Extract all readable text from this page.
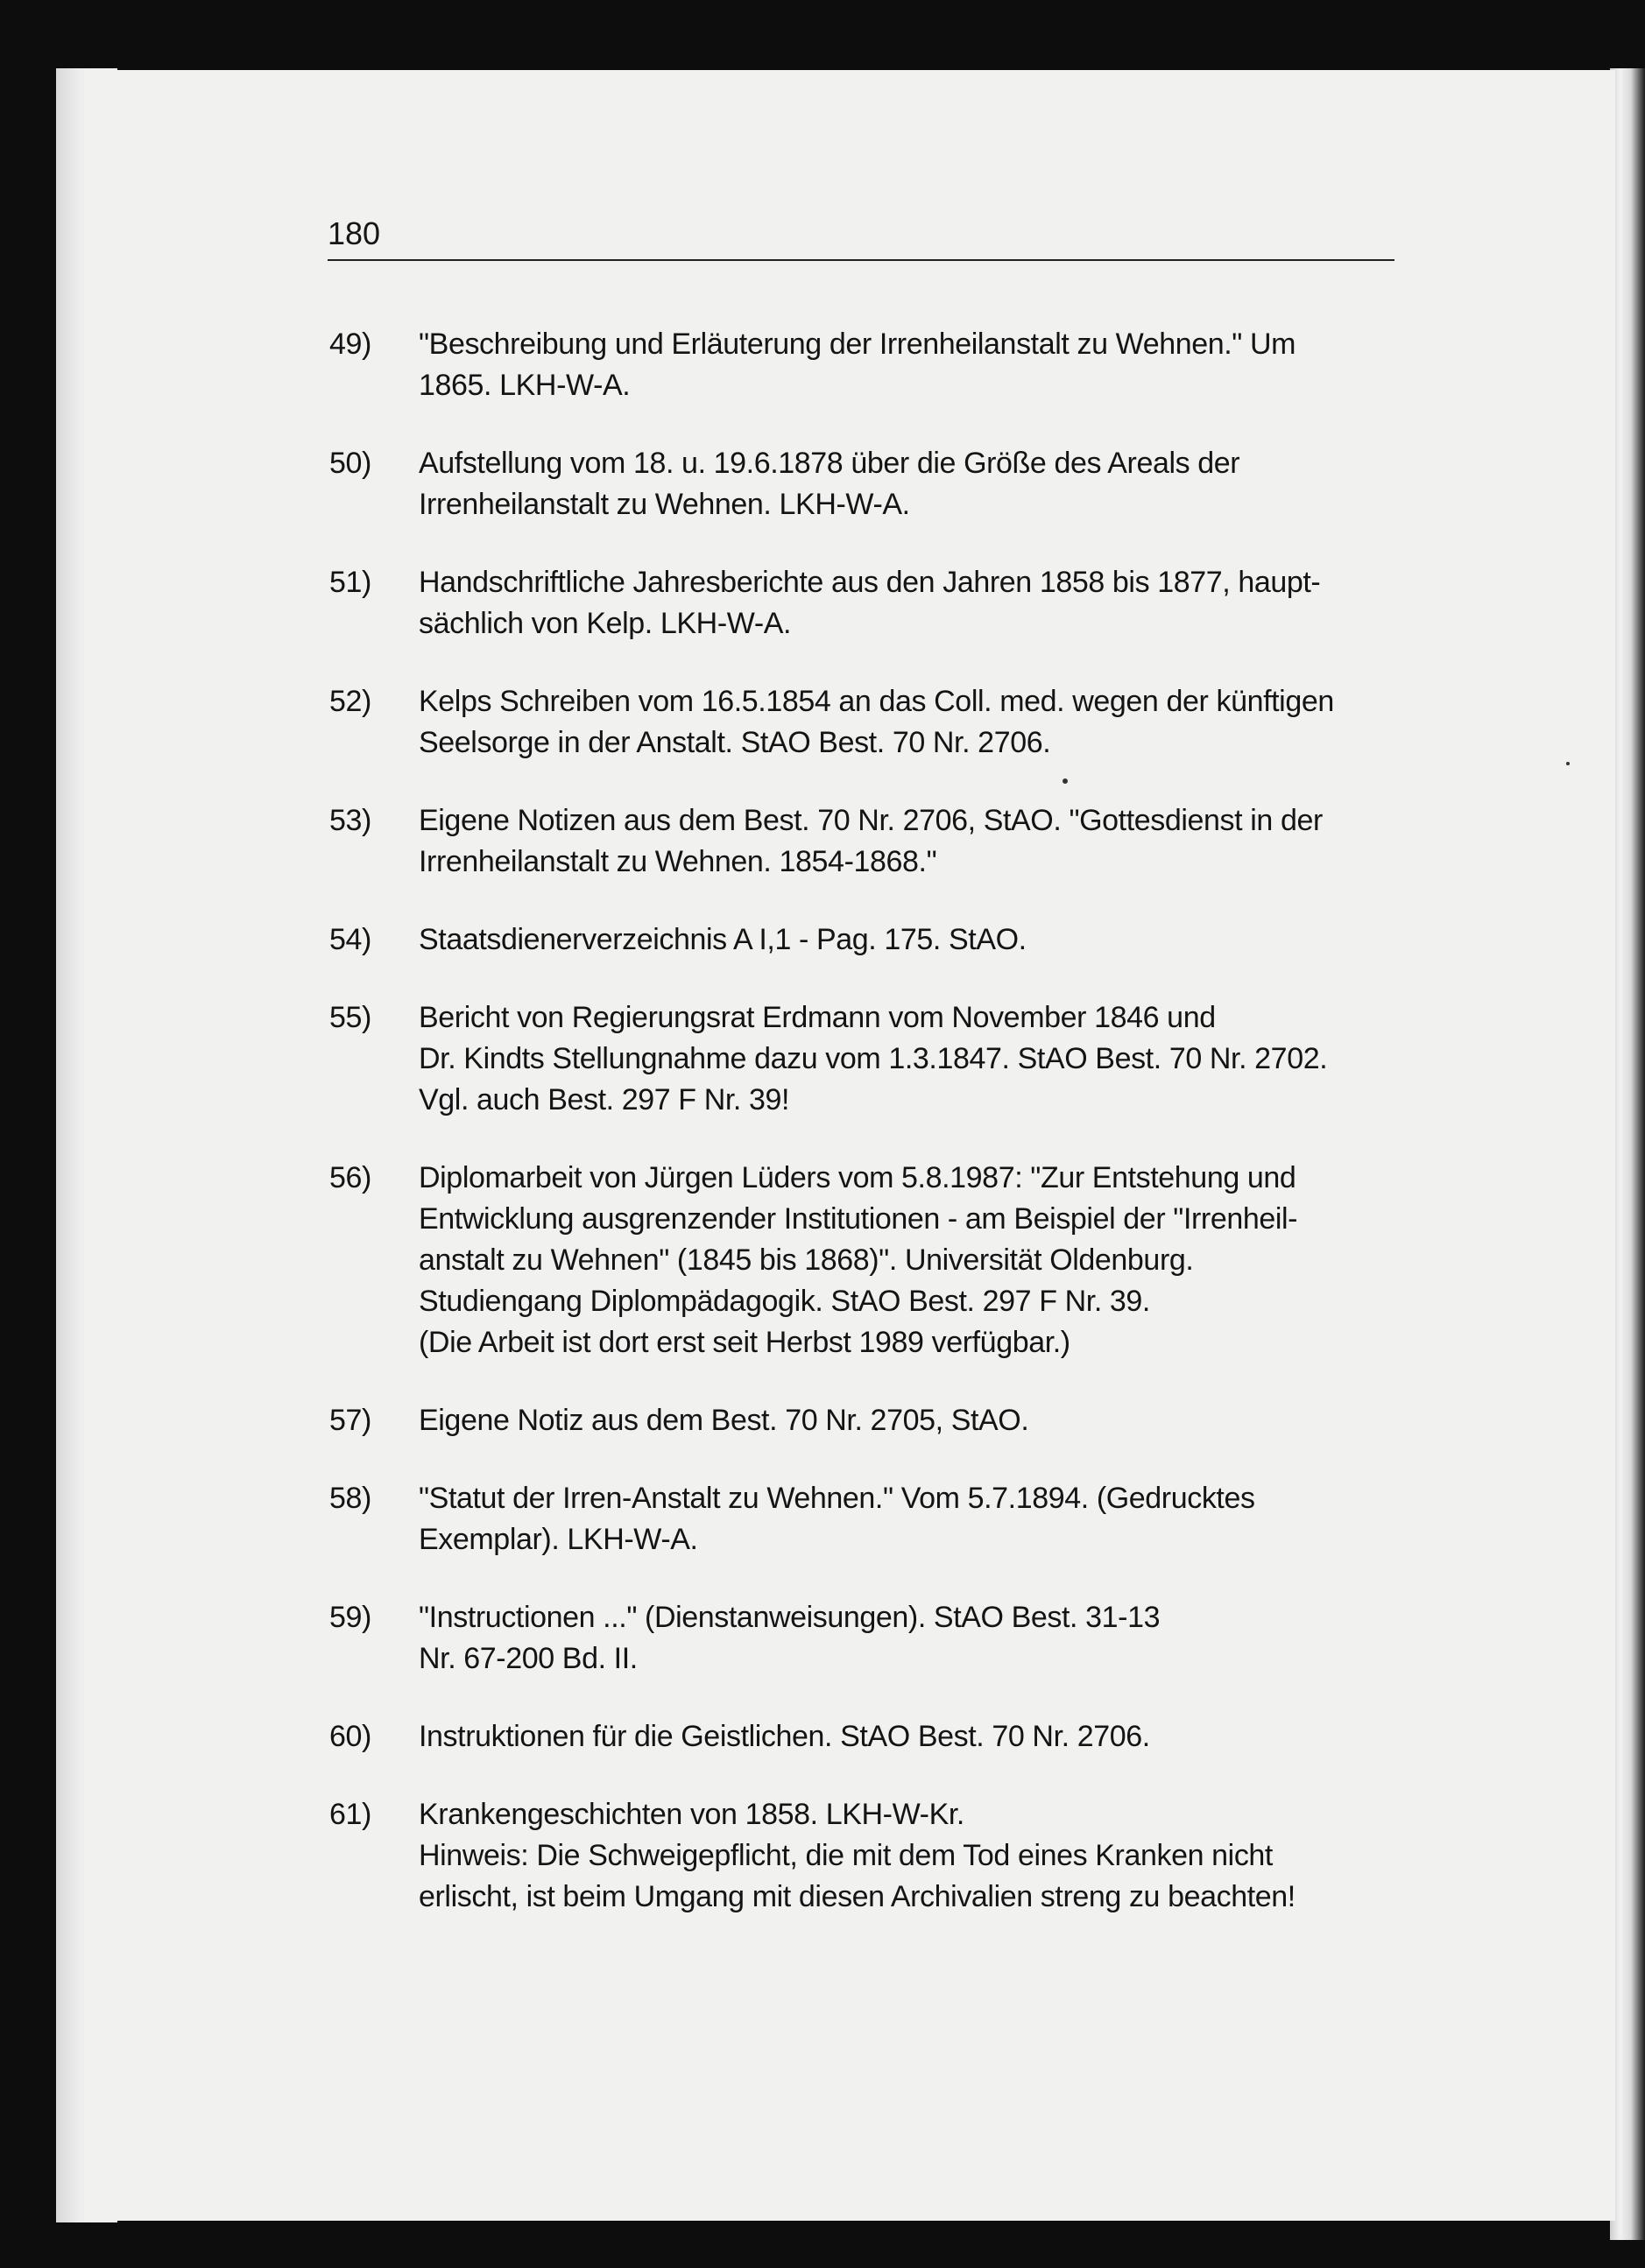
180
49)	"Beschreibung und Erläuterung der Irrenheilanstalt zu Wehnen." Um
1865. LKH-W-A.
50)	Aufstellung vom 18. u. 19.6.1878 über die Größe des Areals der
Irrenheilanstalt zu Wehnen. LKH-W-A.
51)	Handschriftliche Jahresberichte aus den Jahren 1858 bis 1877, haupt-
sächlich von Kelp. LKH-W-A.
52)	Kelps Schreiben vom 16.5.1854 an das Coll. med. wegen der künftigen
Seelsorge in der Anstalt. StAO Best. 70 Nr. 2706.
53)	Eigene Notizen aus dem Best. 70 Nr. 2706, StAO. "Gottesdienst in der
Irrenheilanstalt zu Wehnen. 1854-1868."
54)	Staatsdienerverzeichnis A I,1 - Pag. 175. StAO.
55)	Bericht von Regierungsrat Erdmann vom November 1846 und
Dr. Kindts Stellungnahme dazu vom 1.3.1847. StAO Best. 70 Nr. 2702.
Vgl. auch Best. 297 F Nr. 39!
56)	Diplomarbeit von Jürgen Lüders vom 5.8.1987: "Zur Entstehung und
Entwicklung ausgrenzender Institutionen - am Beispiel der "Irrenheil-
anstalt zu Wehnen" (1845 bis 1868)". Universität Oldenburg.
Studiengang Diplompädagogik. StAO Best. 297 F Nr. 39.
(Die Arbeit ist dort erst seit Herbst 1989 verfügbar.)
57)	Eigene Notiz aus dem Best. 70 Nr. 2705, StAO.
58)	"Statut der Irren-Anstalt zu Wehnen." Vom 5.7.1894. (Gedrucktes
Exemplar). LKH-W-A.
59)	"Instructionen ..." (Dienstanweisungen). StAO Best. 31-13
Nr. 67-200 Bd. II.
60)	Instruktionen für die Geistlichen. StAO Best. 70 Nr. 2706.
61)	Krankengeschichten von 1858. LKH-W-Kr.
Hinweis: Die Schweigepflicht, die mit dem Tod eines Kranken nicht
erlischt, ist beim Umgang mit diesen Archivalien streng zu beachten!
